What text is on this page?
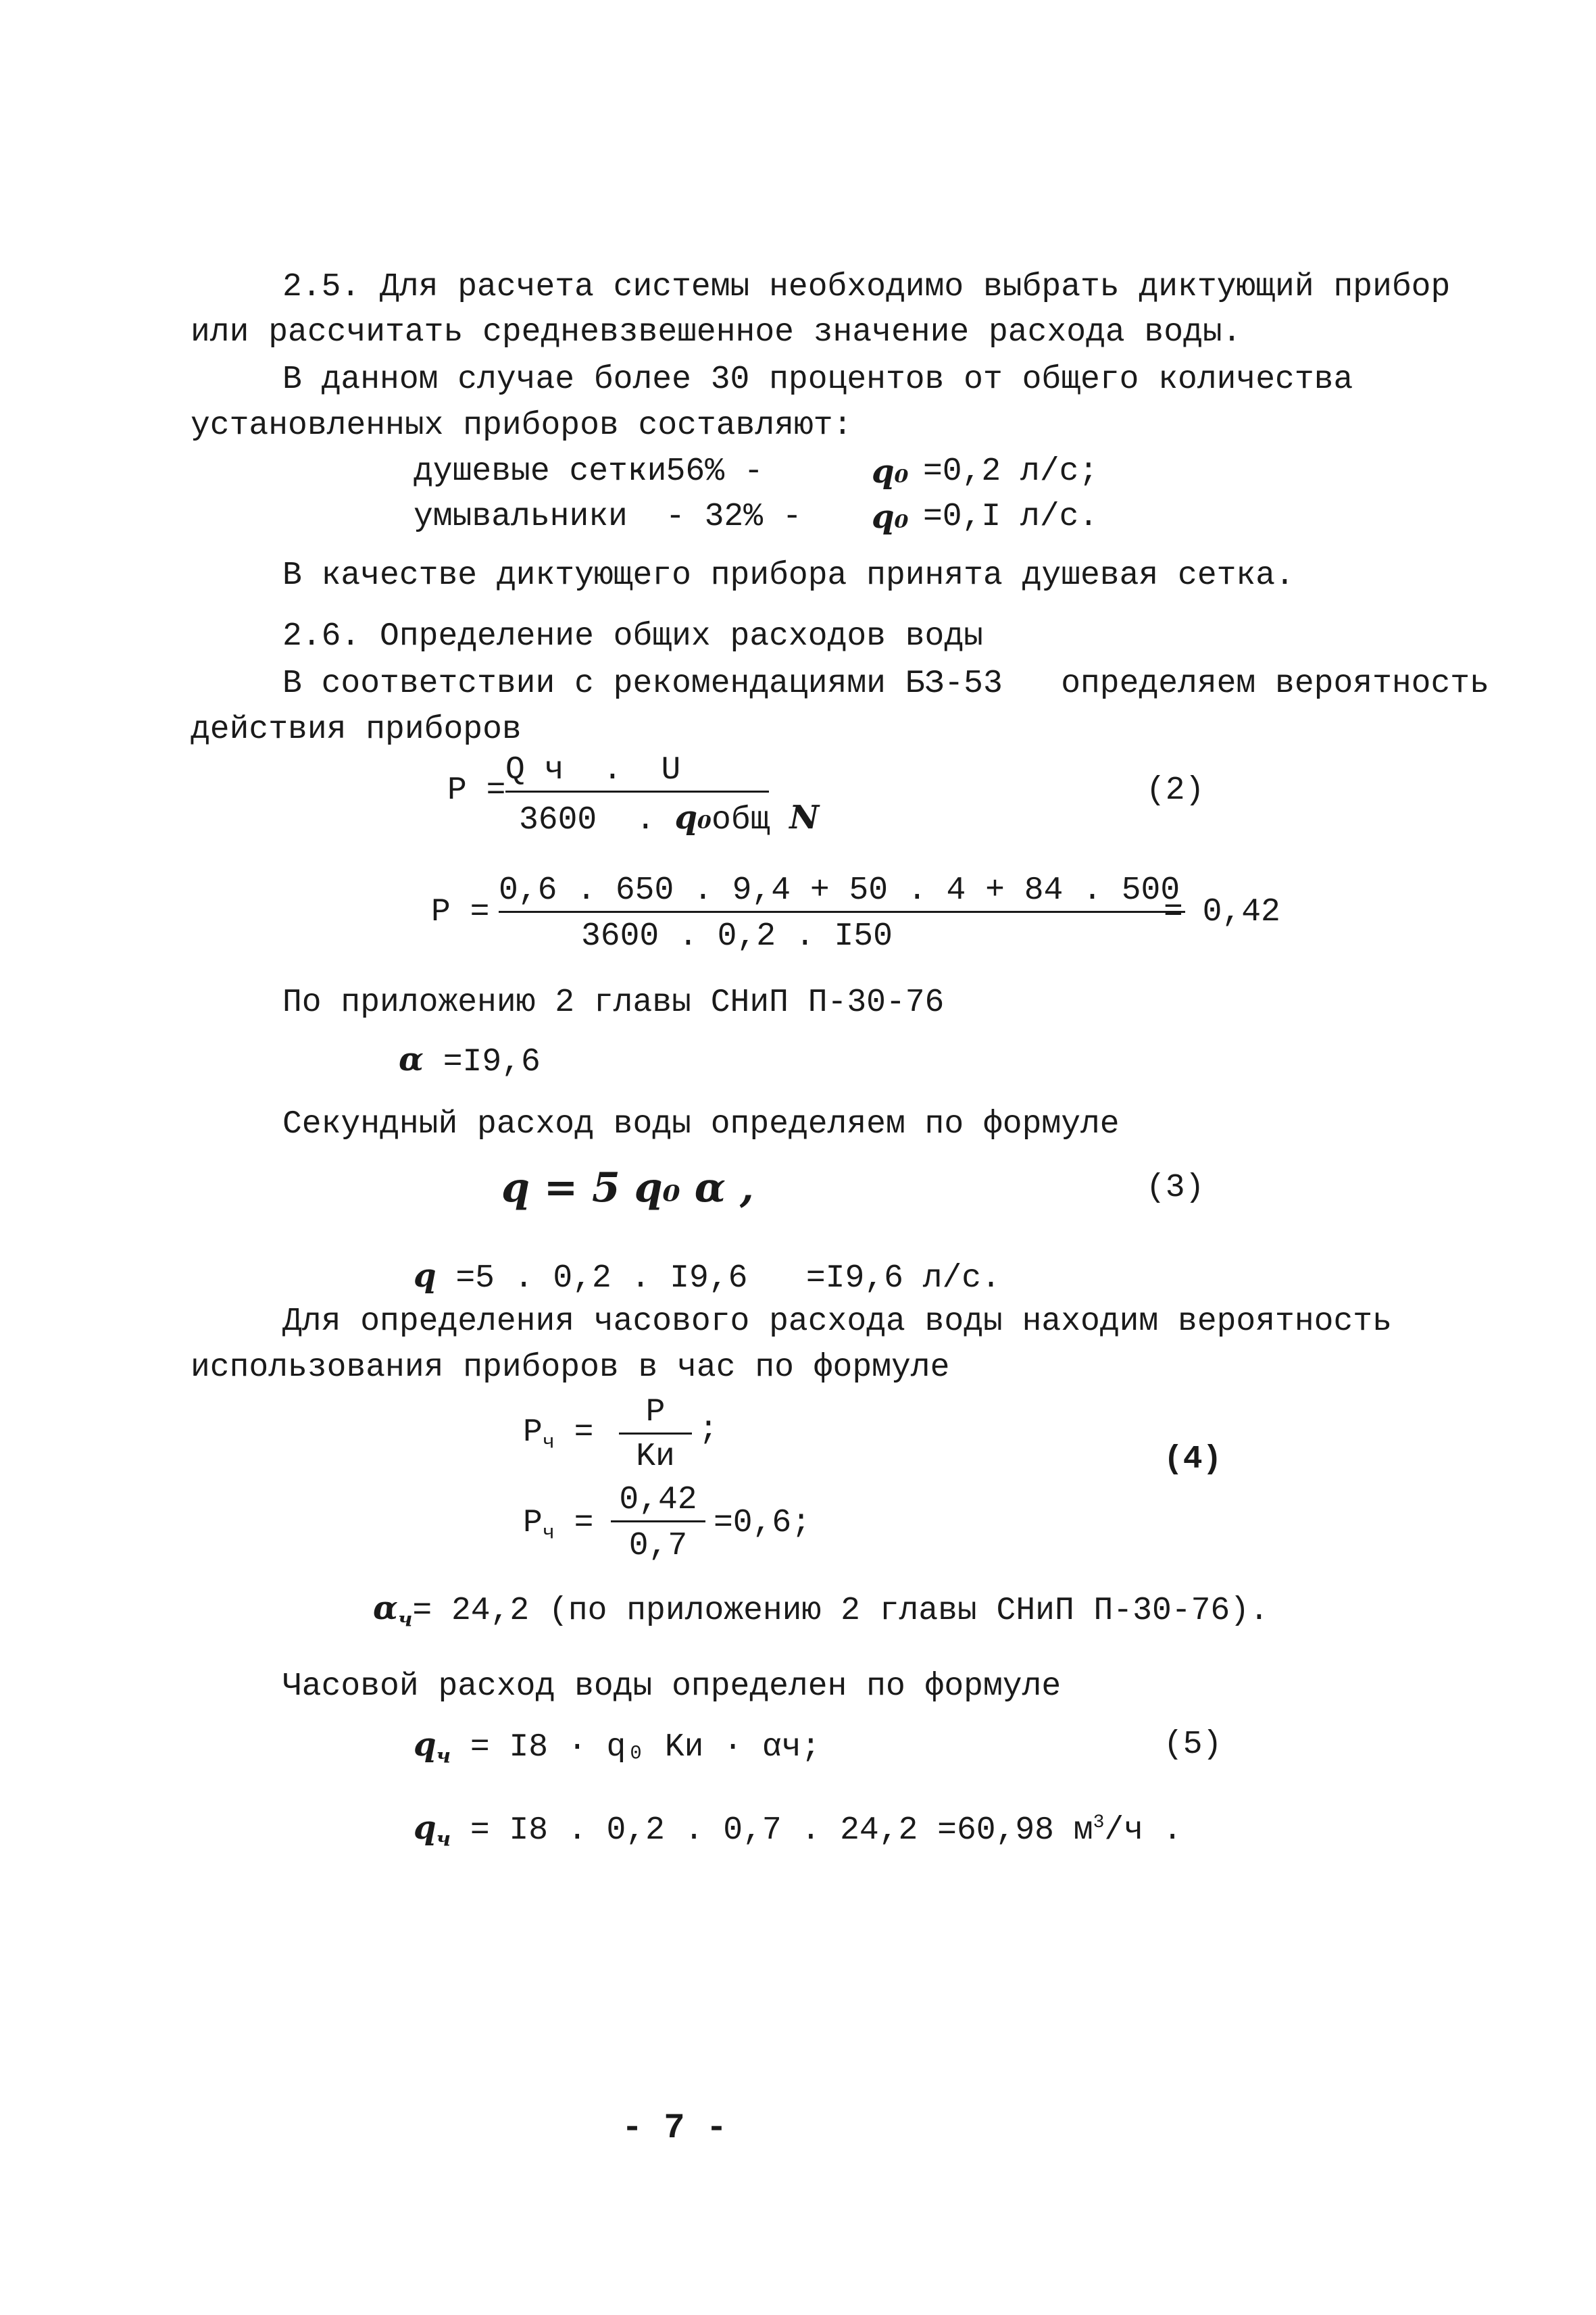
2.5. Для расчета системы необходимо выбрать диктующий прибор
или рассчитать средневзвешенное значение расхода воды.
В данном случае более 30 процентов от общего количества
установленных приборов составляют:
душевые сетки
- 56% -	q₀ =0,2 л/с;
умывальники - 32% - q₀ =0,I л/с.
В качестве диктующего прибора принята душевая сетка.
2.6. Определение общих расходов воды
В соответствии с рекомендациями БЗ-53   определяем вероятность
действия приборов
P =
Q ч  .  U
3600  . q₀общ N
(2)
P =
0,6 . 650 . 9,4 + 50 . 4 + 84 . 500
3600 . 0,2 . I50
= 0,42
По приложению 2 главы СНиП П-30-76
α =I9,6
Секундный расход воды определяем по формуле
q = 5 q₀ α ,	(3)
q =5 . 0,2 . I9,6   =I9,6 л/с.
Для определения часового расхода воды находим вероятность
использования приборов в час по формуле
$P_ч$ =
P
Kи
;
(4)
$P_ч$ =
0,42
0,7
=0,6;
$\alpha_ч= 24,2$ (по приложению 2 главы СНиП П-30-76).
Часовой расход воды определен по формуле
$q_ч = I8 \cdot q_0$ Kи · αч;	(5)
$q_ч = I8$ . 0,2 . 0,7 . 24,2 =60,98 $м^3/ч$ .
- 7 -
